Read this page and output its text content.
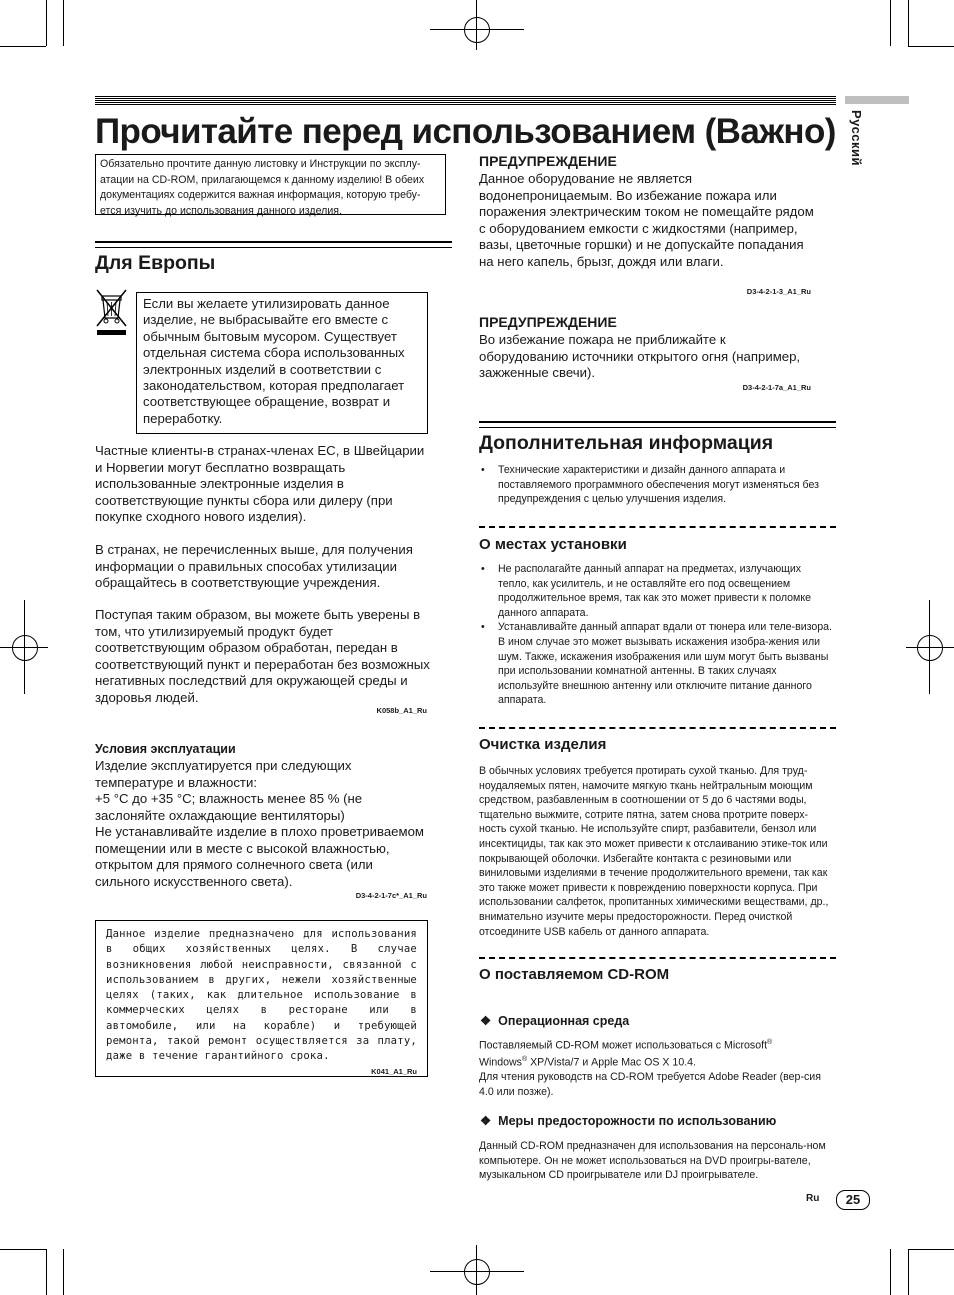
Прочитайте перед использованием (Важно)
Обязательно прочтите данную листовку и Инструкции по эксплу-атации на CD-ROM, прилагающемся к данному изделию! В обеих документациях содержится важная информация, которую требу-ется изучить до использования данного изделия.
Русский
Для Европы
Если вы желаете утилизировать данное изделие, не выбрасывайте его вместе с обычным бытовым мусором. Существует отдельная система сбора использованных электронных изделий в соответствии с законодательством, которая предполагает соответствующее обращение, возврат и переработку.
Частные клиенты-в странах-членах ЕС, в Швейцарии и Норвегии могут бесплатно возвращать использованные электронные изделия в соответствующие пункты сбора или дилеру (при покупке сходного нового изделия).
В странах, не перечисленных выше, для получения информации о правильных способах утилизации обращайтесь в соответствующие учреждения.
Поступая таким образом, вы можете быть уверены в том, что утилизируемый продукт будет соответствующим образом обработан, передан в соответствующий пункт и переработан без возможных негативных последствий для окружающей среды и здоровья людей.
K058b_A1_Ru
Условия эксплуатации
Изделие эксплуатируется при следующих температуре и влажности:
+5 °C до +35 °C; влажность менее 85 % (не заслоняйте охлаждающие вентиляторы)
Не устанавливайте изделие в плохо проветриваемом помещении или в месте с высокой влажностью, открытом для прямого солнечного света (или сильного искусственного света).
D3-4-2-1-7c*_A1_Ru

Данное изделие предназначено для использования в общих хозяйственных целях. В случае возникновения любой неисправности, связанной с использованием в других, нежели хозяйственные целях (таких, как длительное использование в коммерческих целях в ресторане или в автомобиле, или на корабле) и требующей ремонта, такой ремонт осуществляется за плату, даже в течение гарантийного срока.

K041_A1_Ru
ПРЕДУПРЕЖДЕНИЕ
Данное оборудование не является водонепроницаемым. Во избежание пожара или поражения электрическим током не помещайте рядом с оборудованием емкости с жидкостями (например, вазы, цветочные горшки) и не допускайте попадания на него капель, брызг, дождя или влаги.
D3-4-2-1-3_A1_Ru
ПРЕДУПРЕЖДЕНИЕ
Во избежание пожара не приближайте к оборудованию источники открытого огня (например, зажженные свечи).
D3-4-2-1-7a_A1_Ru
Дополнительная информация
• Технические характеристики и дизайн данного аппарата и поставляемого программного обеспечения могут изменяться без предупреждения с целью улучшения изделия.
О местах установки
• Не располагайте данный аппарат на предметах, излучающих тепло, как усилитель, и не оставляйте его под освещением продолжительное время, так как это может привести к поломке данного аппарата.
• Устанавливайте данный аппарат вдали от тюнера или теле-визора. В ином случае это может вызывать искажения изобра-жения или шум. Также, искажения изображения или шум могут быть вызваны при использовании комнатной антенны. В таких случаях используйте внешнюю антенну или отключите питание данного аппарата.
Очистка изделия
В обычных условиях требуется протирать сухой тканью. Для труд-ноудаляемых пятен, намочите мягкую ткань нейтральным моющим средством, разбавленным в соотношении от 5 до 6 частями воды, тщательно выжмите, сотрите пятна, затем снова протрите поверх-ность сухой тканью. Не используйте спирт, разбавители, бензол или инсектициды, так как это может привести к отслаиванию этике-ток или покрывающей оболочки. Избегайте контакта с резиновыми или виниловыми изделиями в течение продолжительного времени, так как это также может привести к повреждению поверхности корпуса. При использовании салфеток, пропитанных химическими веществами, др., внимательно изучите меры предосторожности. Перед очисткой отсоедините USB кабель от данного аппарата.
О поставляемом CD-ROM
❖ Операционная среда
Поставляемый CD-ROM может использоваться с Microsoft®
Windows® XP/Vista/7 и Apple Mac OS X 10.4.
Для чтения руководств на CD-ROM требуется Adobe Reader (вер-сия 4.0 или позже).
❖ Меры предосторожности по использованию
Данный CD-ROM предназначен для использования на персональ-ном компьютере. Он не может использоваться на DVD проигры-вателе, музыкальном CD проигрывателе или DJ проигрывателе.
Ru	25
